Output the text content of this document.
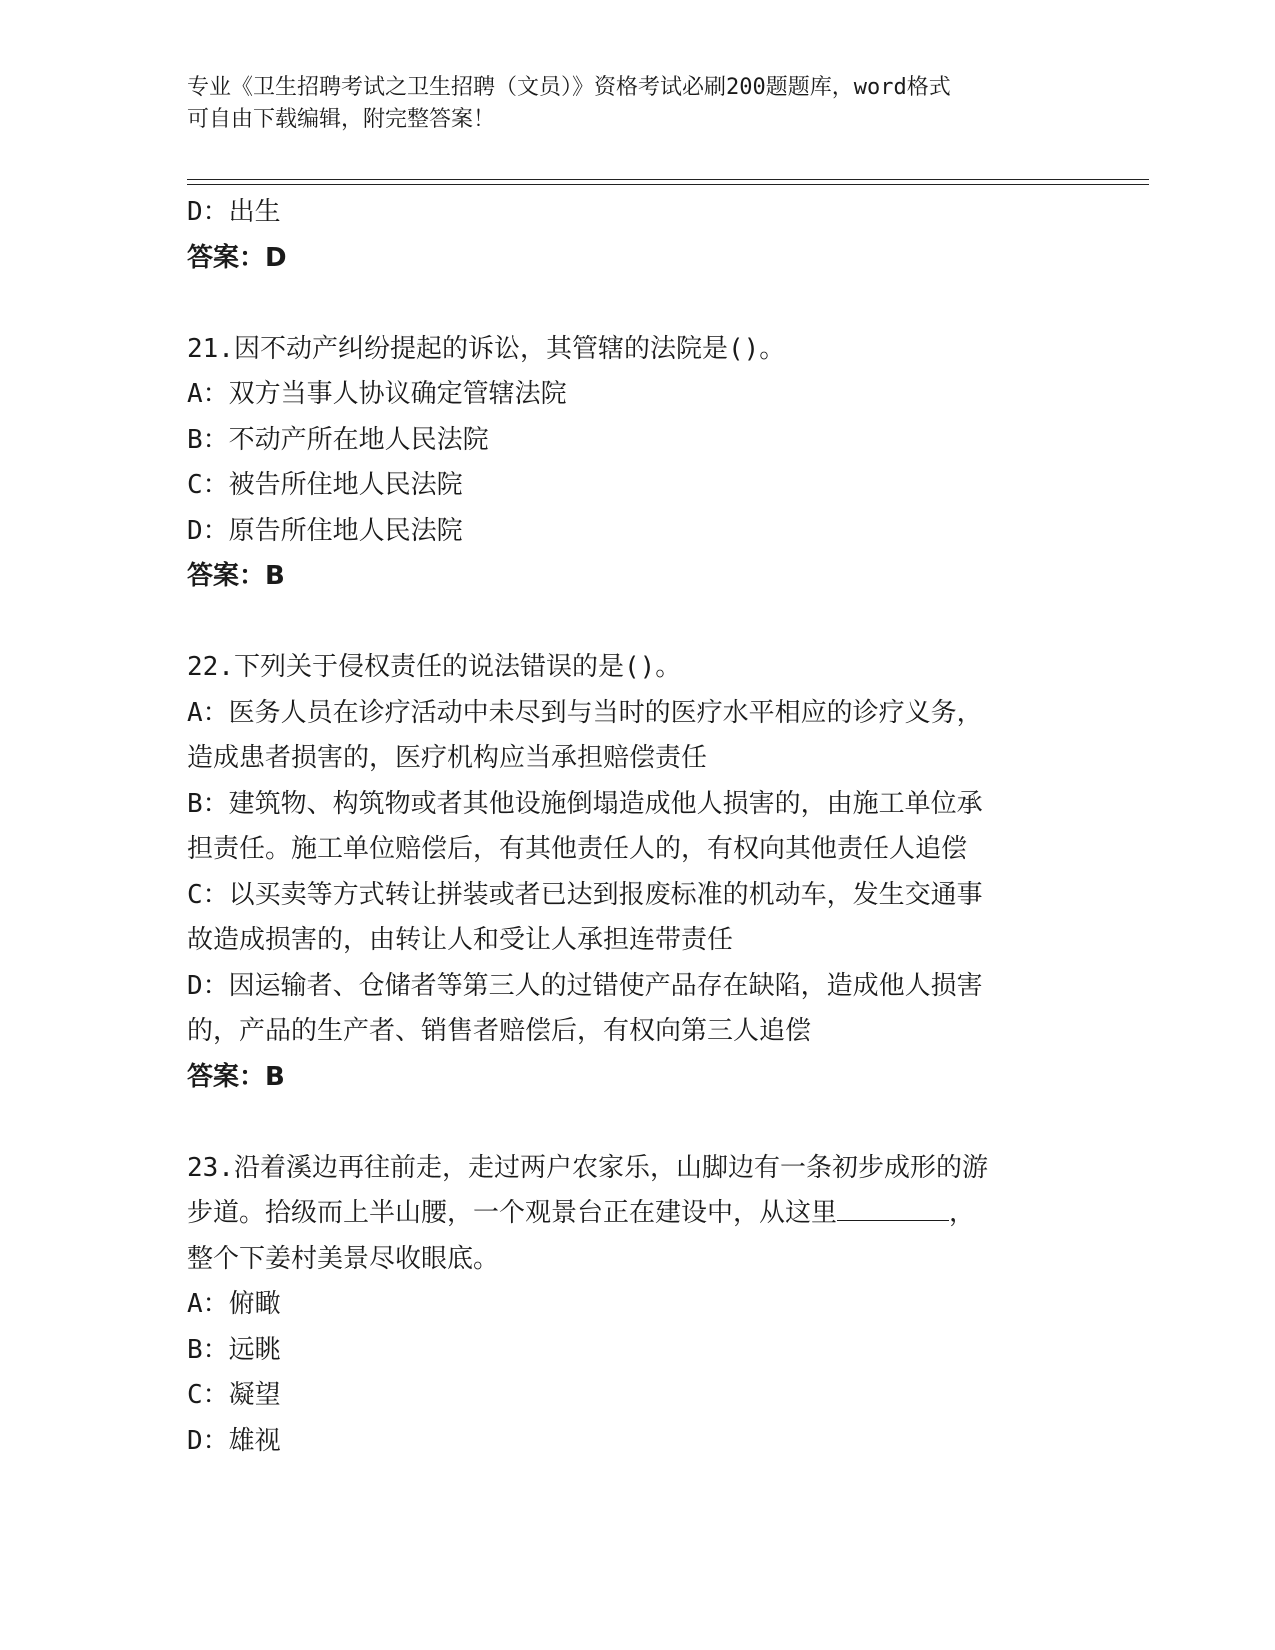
专业《卫生招聘考试之卫生招聘（文员）》资格考试必刷200题题库，word格式
可自由下载编辑，附完整答案！
D：出生
答案：D
21.因不动产纠纷提起的诉讼，其管辖的法院是()。
A：双方当事人协议确定管辖法院
B：不动产所在地人民法院
C：被告所住地人民法院
D：原告所住地人民法院
答案：B
22.下列关于侵权责任的说法错误的是()。
A：医务人员在诊疗活动中未尽到与当时的医疗水平相应的诊疗义务，
造成患者损害的，医疗机构应当承担赔偿责任
B：建筑物、构筑物或者其他设施倒塌造成他人损害的，由施工单位承
担责任。施工单位赔偿后，有其他责任人的，有权向其他责任人追偿
C：以买卖等方式转让拼装或者已达到报废标准的机动车，发生交通事
故造成损害的，由转让人和受让人承担连带责任
D：因运输者、仓储者等第三人的过错使产品存在缺陷，造成他人损害
的，产品的生产者、销售者赔偿后，有权向第三人追偿
答案：B
23.沿着溪边再往前走，走过两户农家乐，山脚边有一条初步成形的游
步道。拾级而上半山腰，一个观景台正在建设中，从这里	，
整个下姜村美景尽收眼底。
A：俯瞰
B：远眺
C：凝望
D：雄视
